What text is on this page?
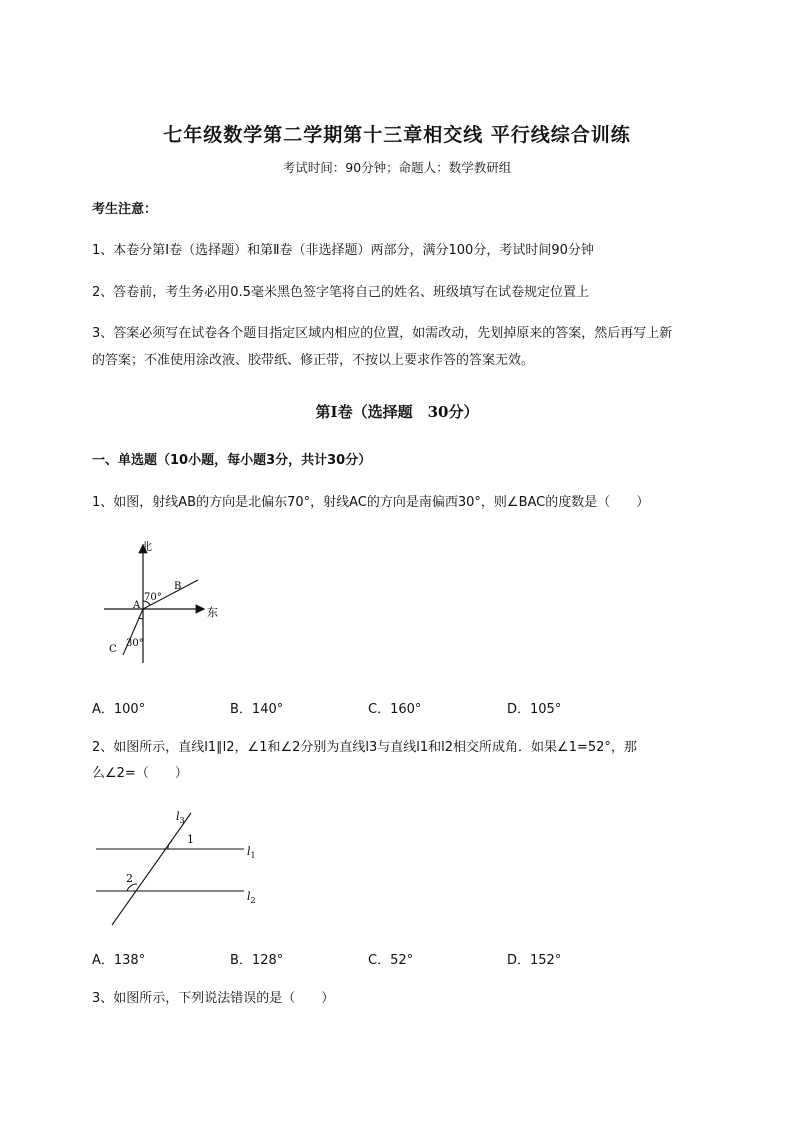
七年级数学第二学期第十三章相交线 平行线综合训练
考试时间：90分钟；命题人：数学教研组
考生注意：
1、本卷分第I卷（选择题）和第Ⅱ卷（非选择题）两部分，满分100分，考试时间90分钟
2、答卷前，考生务必用0.5毫米黑色签字笔将自己的姓名、班级填写在试卷规定位置上
3、答案必须写在试卷各个题目指定区域内相应的位置，如需改动，先划掉原来的答案，然后再写上新
的答案；不准使用涂改液、胶带纸、修正带，不按以上要求作答的答案无效。
第I卷（选择题　30分）
一、单选题（10小题，每小题3分，共计30分）
1、如图，射线AB的方向是北偏东70°，射线AC的方向是南偏西30°，则∠BAC的度数是（　　）
北
东
A
B
C
70°
30°
A．100°	B．140°	C．160°	D．105°
2、如图所示，直线l1∥l2，∠1和∠2分别为直线l3与直线l1和l2相交所成角．如果∠1=52°，那
么∠2=（　　）
$l_3$
$l_1$
$l_2$
1
2
A．138°	B．128°	C．52°	D．152°
3、如图所示，下列说法错误的是（　　）
